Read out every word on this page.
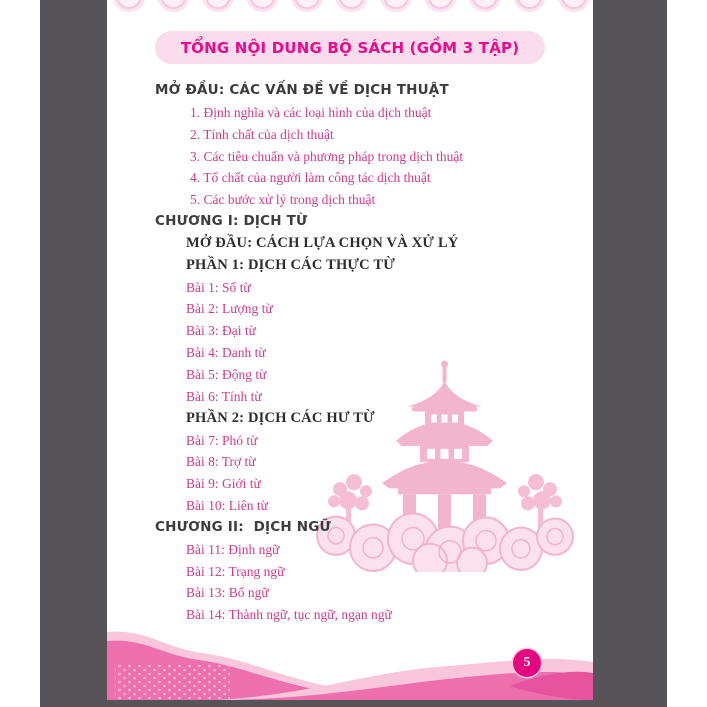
TỔNG NỘI DUNG BỘ SÁCH (GỒM 3 TẬP)
MỞ ĐẦU: CÁC VẤN ĐỀ VỀ DỊCH THUẬT
1. Định nghĩa và các loại hình của dịch thuật
2. Tính chất của dịch thuật
3. Các tiêu chuẩn và phương pháp trong dịch thuật
4. Tố chất của người làm công tác dịch thuật
5. Các bước xử lý trong dịch thuật
CHƯƠNG I: DỊCH TỪ
MỞ ĐẦU: CÁCH LỰA CHỌN VÀ XỬ LÝ
PHẦN 1: DỊCH CÁC THỰC TỪ
Bài 1: Số từ
Bài 2: Lượng từ
Bài 3: Đại từ
Bài 4: Danh từ
Bài 5: Động từ
Bài 6: Tính từ
PHẦN 2: DỊCH CÁC HƯ TỪ
Bài 7: Phó từ
Bài 8: Trợ từ
Bài 9: Giới từ
Bài 10: Liên từ
CHƯƠNG II:  DỊCH NGỮ
Bài 11: Định ngữ
Bài 12: Trạng ngữ
Bài 13: Bổ ngữ
Bài 14: Thành ngữ, tục ngữ, ngạn ngữ
5
